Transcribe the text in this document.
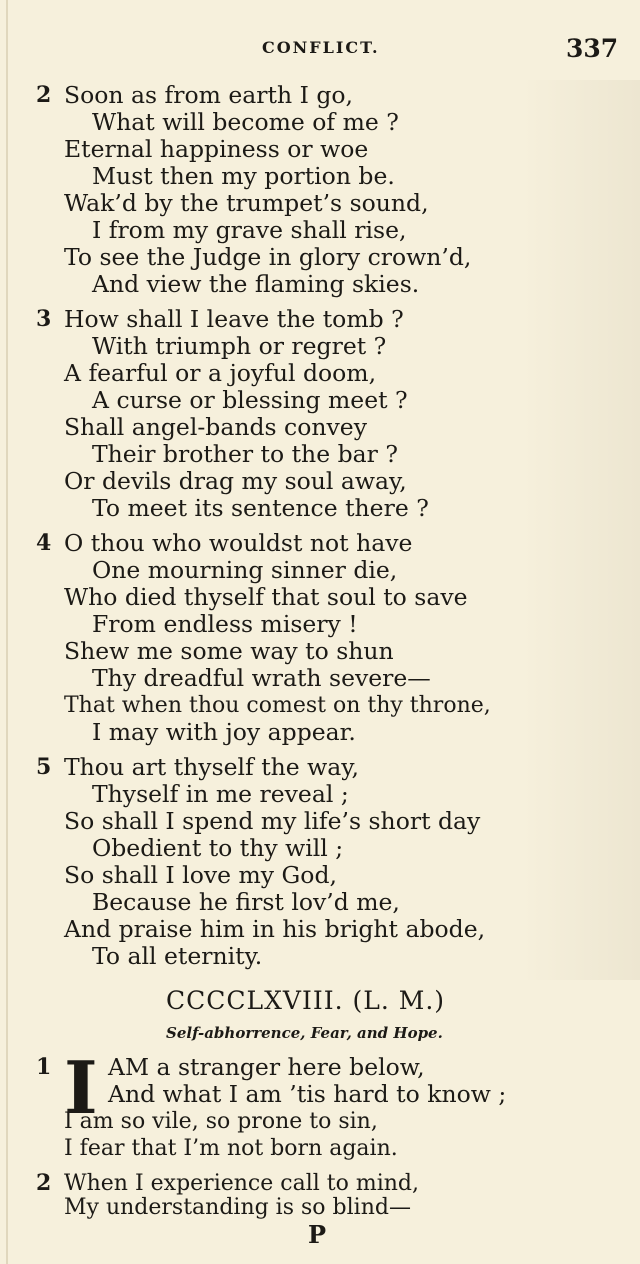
CONFLICT.	337
2 Soon as from earth I go,
What will become of me ?
Eternal happiness or woe
Must then my portion be.
Wak’d by the trumpet’s sound,
I from my grave shall rise,
To see the Judge in glory crown’d,
And view the flaming skies.
3 How shall I leave the tomb ?
With triumph or regret ?
A fearful or a joyful doom,
A curse or blessing meet ?
Shall angel-bands convey
Their brother to the bar ?
Or devils drag my soul away,
To meet its sentence there ?
4 O thou who wouldst not have
One mourning sinner die,
Who died thyself that soul to save
From endless misery !
Shew me some way to shun
Thy dreadful wrath severe—
That when thou comest on thy throne,
I may with joy appear.
5 Thou art thyself the way,
Thyself in me reveal ;
So shall I spend my life’s short day
Obedient to thy will ;
So shall I love my God,
Because he first lov’d me,
And praise him in his bright abode,
To all eternity.
CCCCLXVIII. (L. M.)
Self-abhorrence, Fear, and Hope.
1 I AM a stranger here below,
And what I am ’tis hard to know ;
I am so vile, so prone to sin,
I fear that I’m not born again.
2 When I experience call to mind,
My understanding is so blind—
P
